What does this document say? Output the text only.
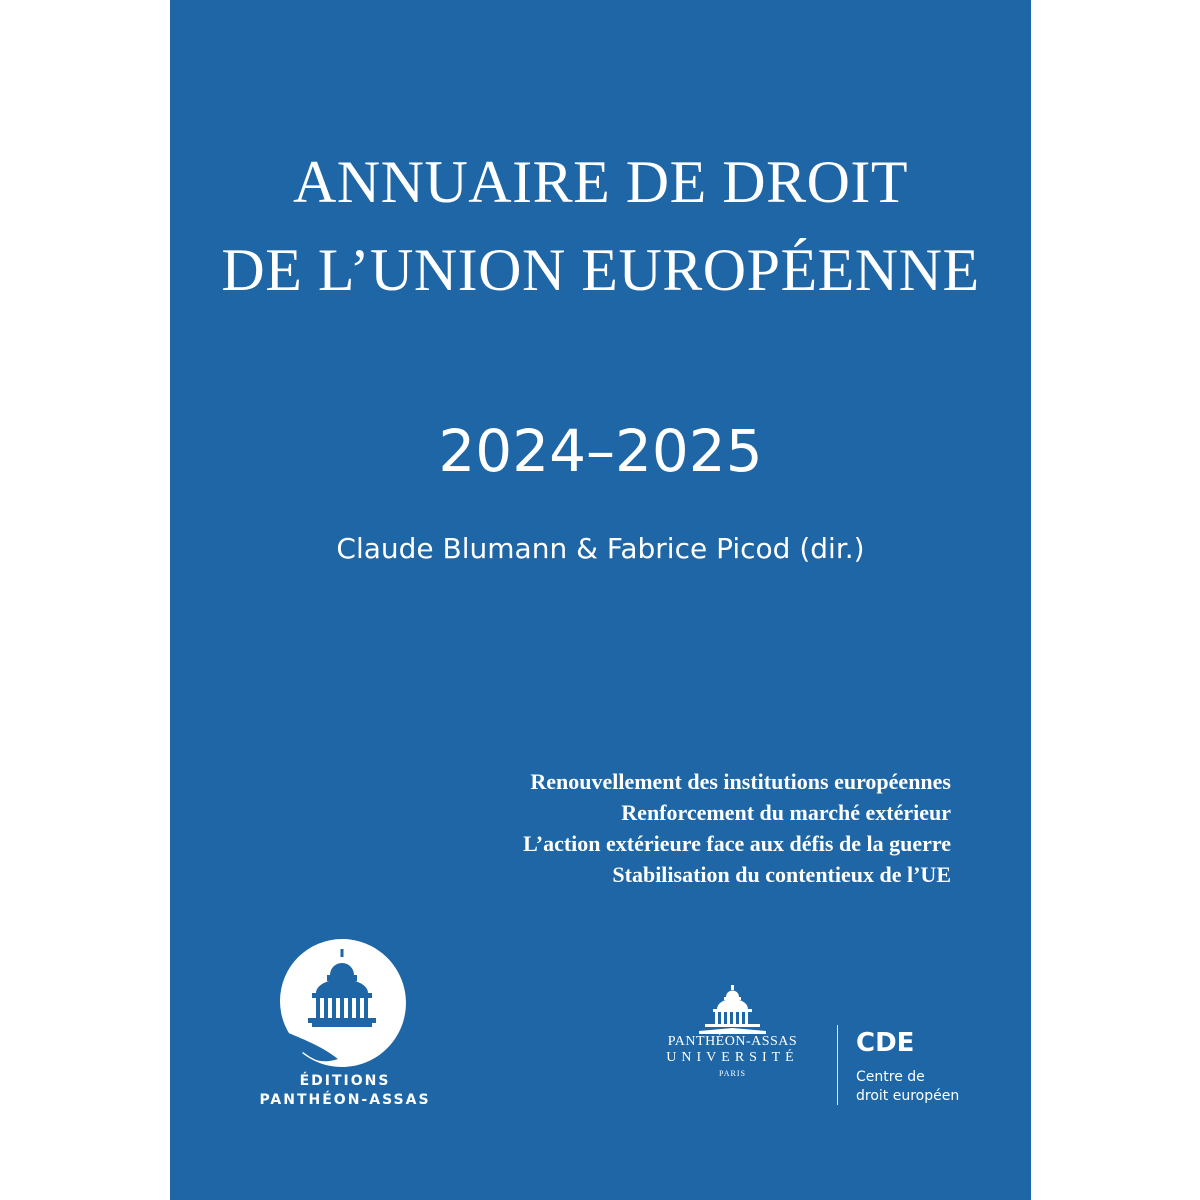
ANNUAIRE DE DROIT
DE L’UNION EUROPÉENNE
2024–2025
Claude Blumann & Fabrice Picod (dir.)
Renouvellement des institutions européennes
Renforcement du marché extérieur
L’action extérieure face aux défis de la guerre
Stabilisation du contentieux de l’UE
ÉDITIONS
PANTHÉON-ASSAS
PANTHÉON-ASSAS
UNIVERSITÉ
PARIS
CDE
Centre de
droit européen
